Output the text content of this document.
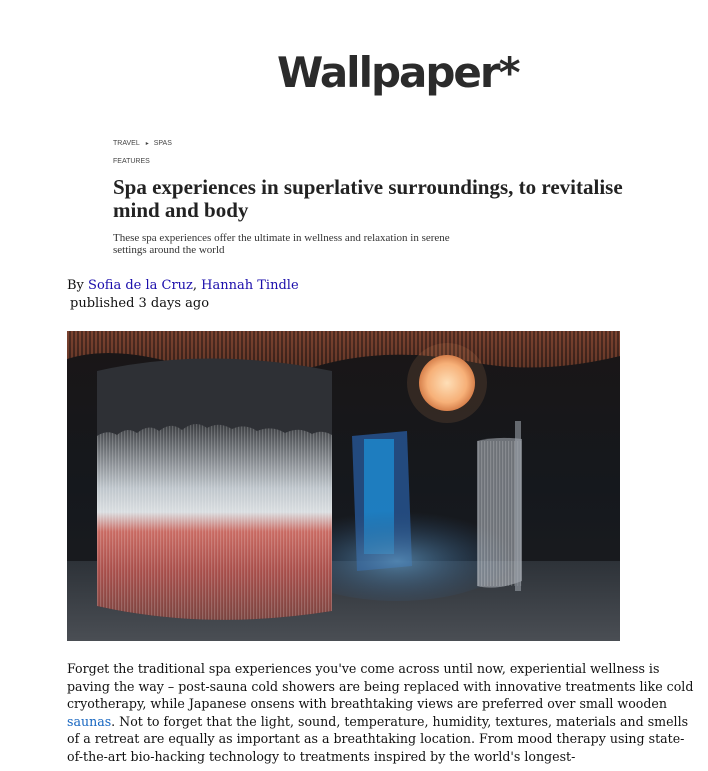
Wallpaper*
TRAVEL ▸ SPAS
FEATURES
Spa experiences in superlative surroundings, to revitalise mind and body

These spa experiences offer the ultimate in wellness and relaxation in serene settings around the world

By Sofia de la Cruz, Hannah Tindle
published 3 days ago

Forget the traditional spa experiences you've come across until now, experiential wellness is paving the way – post-sauna cold showers are being replaced with innovative treatments like cold cryotherapy, while Japanese onsens with breathtaking views are preferred over small wooden saunas. Not to forget that the light, sound, temperature, humidity, textures, materials and smells of a retreat are equally as important as a breathtaking location. From mood therapy using state-of-the-art bio-hacking technology to treatments inspired by the world's longest-
